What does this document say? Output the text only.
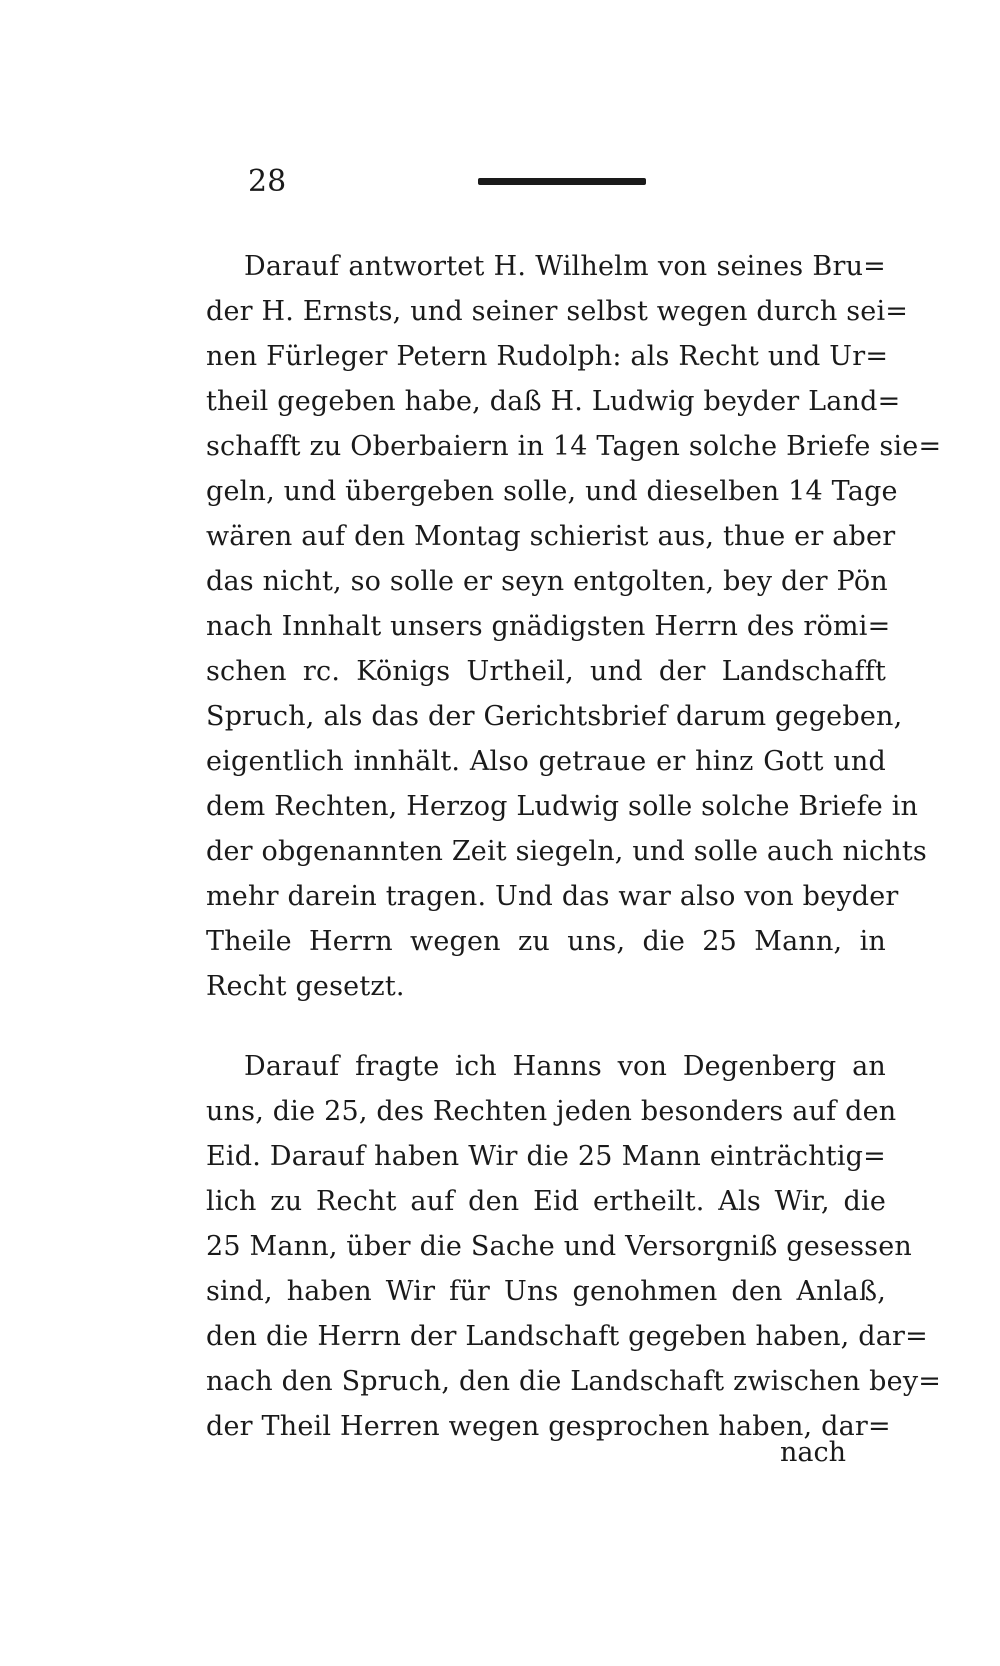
28
Darauf antwortet H. Wilhelm von seines Bru=
der H. Ernsts, und seiner selbst wegen durch sei=
nen Fürleger Petern Rudolph: als Recht und Ur=
theil gegeben habe, daß H. Ludwig beyder Land=
schafft zu Oberbaiern in 14 Tagen solche Briefe sie=
geln, und übergeben solle, und dieselben 14 Tage
wären auf den Montag schierist aus, thue er aber
das nicht, so solle er seyn entgolten, bey der Pön
nach Innhalt unsers gnädigsten Herrn des römi=
schen rc. Königs Urtheil, und der Landschafft
Spruch, als das der Gerichtsbrief darum gegeben,
eigentlich innhält. Also getraue er hinz Gott und
dem Rechten, Herzog Ludwig solle solche Briefe in
der obgenannten Zeit siegeln, und solle auch nichts
mehr darein tragen. Und das war also von beyder
Theile Herrn wegen zu uns, die 25 Mann, in
Recht gesetzt.
Darauf fragte ich Hanns von Degenberg an
uns, die 25, des Rechten jeden besonders auf den
Eid. Darauf haben Wir die 25 Mann einträchtig=
lich zu Recht auf den Eid ertheilt. Als Wir, die
25 Mann, über die Sache und Versorgniß gesessen
sind, haben Wir für Uns genohmen den Anlaß,
den die Herrn der Landschaft gegeben haben, dar=
nach den Spruch, den die Landschaft zwischen bey=
der Theil Herren wegen gesprochen haben, dar=
nach
